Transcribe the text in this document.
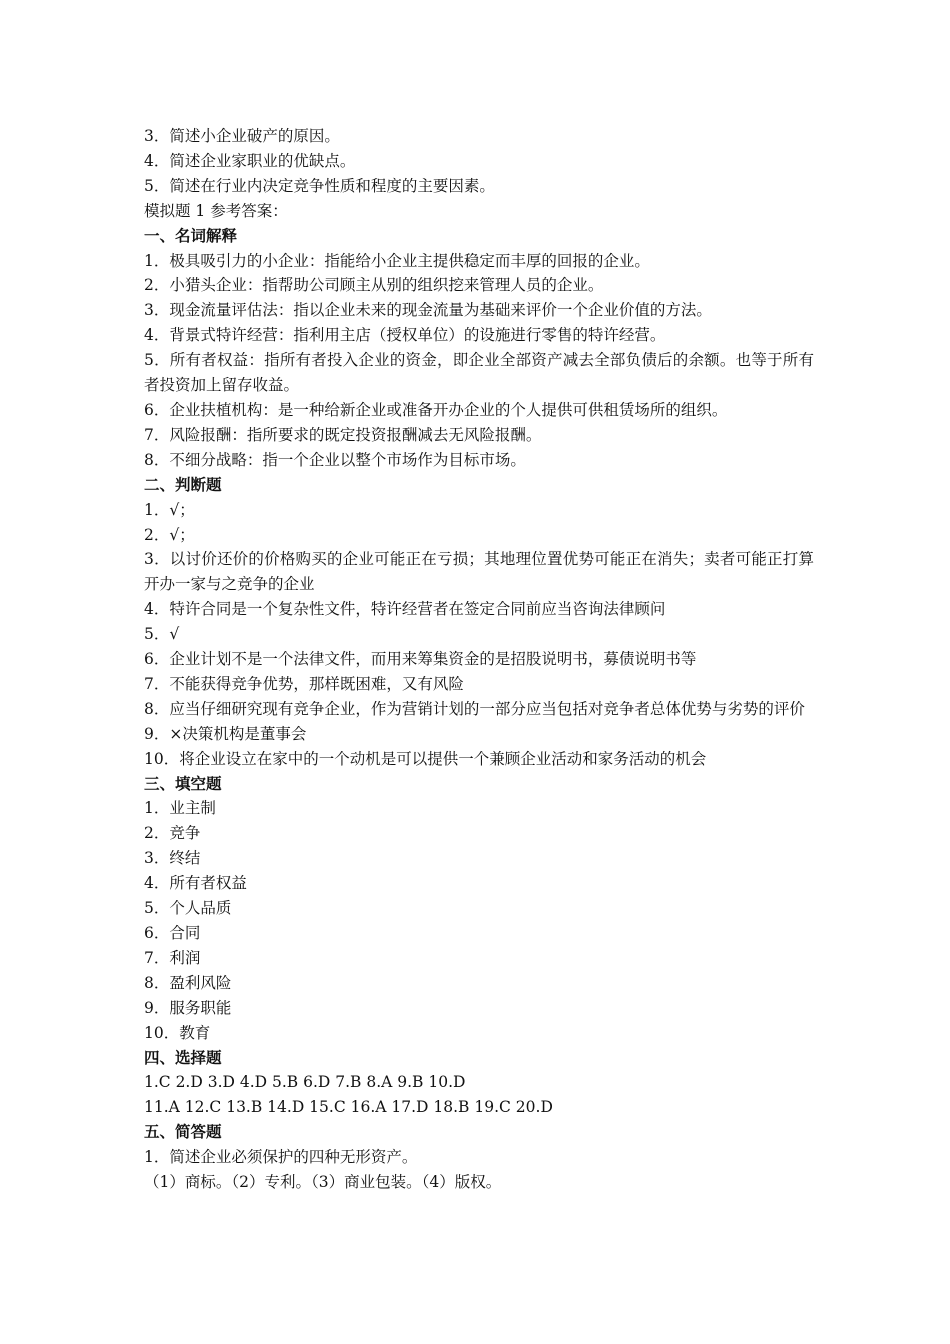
3．简述小企业破产的原因。
4．简述企业家职业的优缺点。
5．简述在行业内决定竞争性质和程度的主要因素。
模拟题 1 参考答案：
一、名词解释
1．极具吸引力的小企业：指能给小企业主提供稳定而丰厚的回报的企业。
2．小猎头企业：指帮助公司顾主从别的组织挖来管理人员的企业。
3．现金流量评估法：指以企业未来的现金流量为基础来评价一个企业价值的方法。
4．背景式特许经营：指利用主店（授权单位）的设施进行零售的特许经营。
5．所有者权益：指所有者投入企业的资金，即企业全部资产减去全部负债后的余额。也等于所有者投资加上留存收益。
6．企业扶植机构：是一种给新企业或准备开办企业的个人提供可供租赁场所的组织。
7．风险报酬：指所要求的既定投资报酬减去无风险报酬。
8．不细分战略：指一个企业以整个市场作为目标市场。
二、判断题
1．√；
2．√；
3．以讨价还价的价格购买的企业可能正在亏损；其地理位置优势可能正在消失；卖者可能正打算开办一家与之竞争的企业
4．特许合同是一个复杂性文件，特许经营者在签定合同前应当咨询法律顾问
5．√
6．企业计划不是一个法律文件，而用来筹集资金的是招股说明书，募债说明书等
7．不能获得竞争优势，那样既困难，又有风险
8．应当仔细研究现有竞争企业，作为营销计划的一部分应当包括对竞争者总体优势与劣势的评价
9．×决策机构是董事会
10．将企业设立在家中的一个动机是可以提供一个兼顾企业活动和家务活动的机会
三、填空题
1．业主制
2．竞争
3．终结
4．所有者权益
5．个人品质
6．合同
7．利润
8．盈利风险
9．服务职能
10．教育
四、选择题
1.C 2.D 3.D 4.D 5.B 6.D 7.B 8.A 9.B 10.D
11.A 12.C 13.B 14.D 15.C 16.A 17.D 18.B 19.C 20.D
五、简答题
1．简述企业必须保护的四种无形资产。
（1）商标。（2）专利。（3）商业包装。（4）版权。
